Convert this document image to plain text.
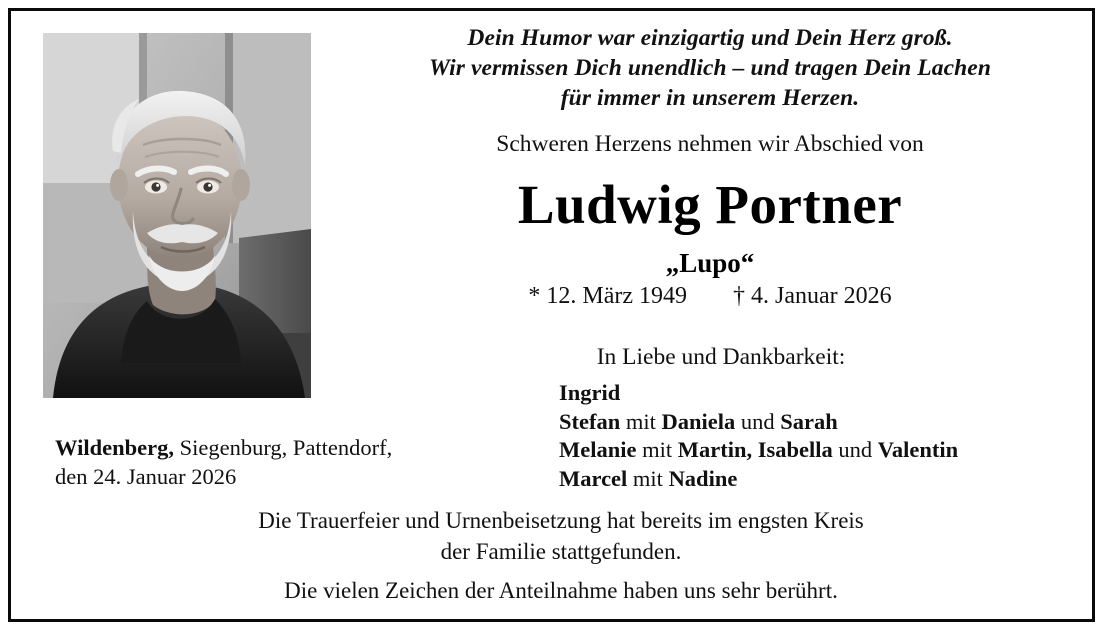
Dein Humor war einzigartig und Dein Herz groß.
Wir vermissen Dich unendlich – und tragen Dein Lachen
für immer in unserem Herzen.
Schweren Herzens nehmen wir Abschied von
Ludwig Portner
„Lupo“
* 12. März 1949 † 4. Januar 2026
In Liebe und Dankbarkeit:
Ingrid
Stefan mit Daniela und Sarah
Melanie mit Martin, Isabella und Valentin
Marcel mit Nadine
Wildenberg, Siegenburg, Pattendorf,
den 24. Januar 2026
Die Trauerfeier und Urnenbeisetzung hat bereits im engsten Kreis
der Familie stattgefunden.
Die vielen Zeichen der Anteilnahme haben uns sehr berührt.
